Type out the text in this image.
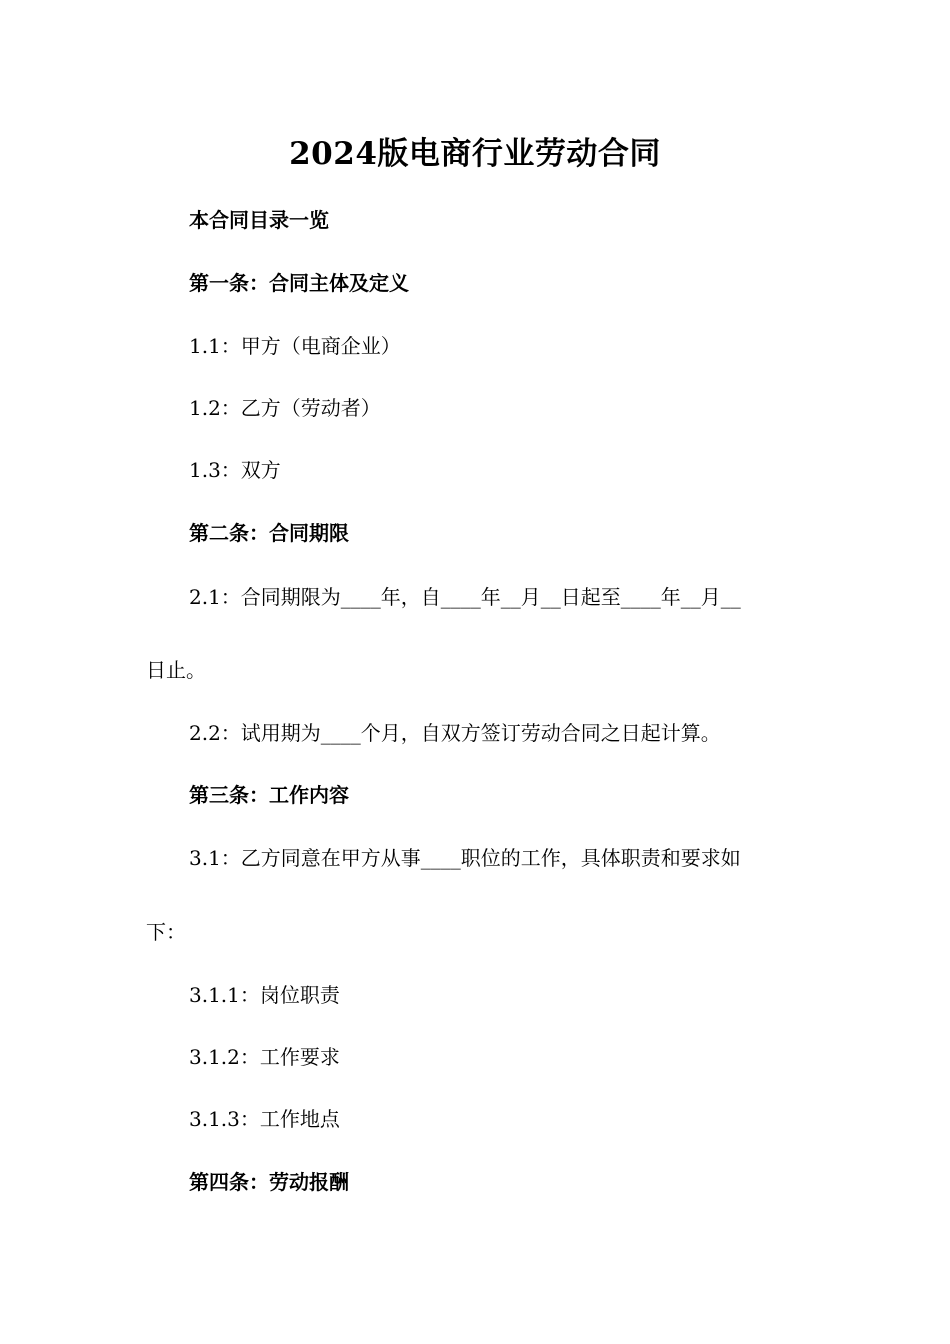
2024版电商行业劳动合同

本合同目录一览

第一条：合同主体及定义

1.1：甲方（电商企业）

1.2：乙方（劳动者）

1.3：双方

第二条：合同期限

2.1：合同期限为____年，自____年__月__日起至____年__月__

日止。

2.2：试用期为____个月，自双方签订劳动合同之日起计算。

第三条：工作内容

3.1：乙方同意在甲方从事____职位的工作，具体职责和要求如

下：

3.1.1：岗位职责

3.1.2：工作要求

3.1.3：工作地点

第四条：劳动报酬
